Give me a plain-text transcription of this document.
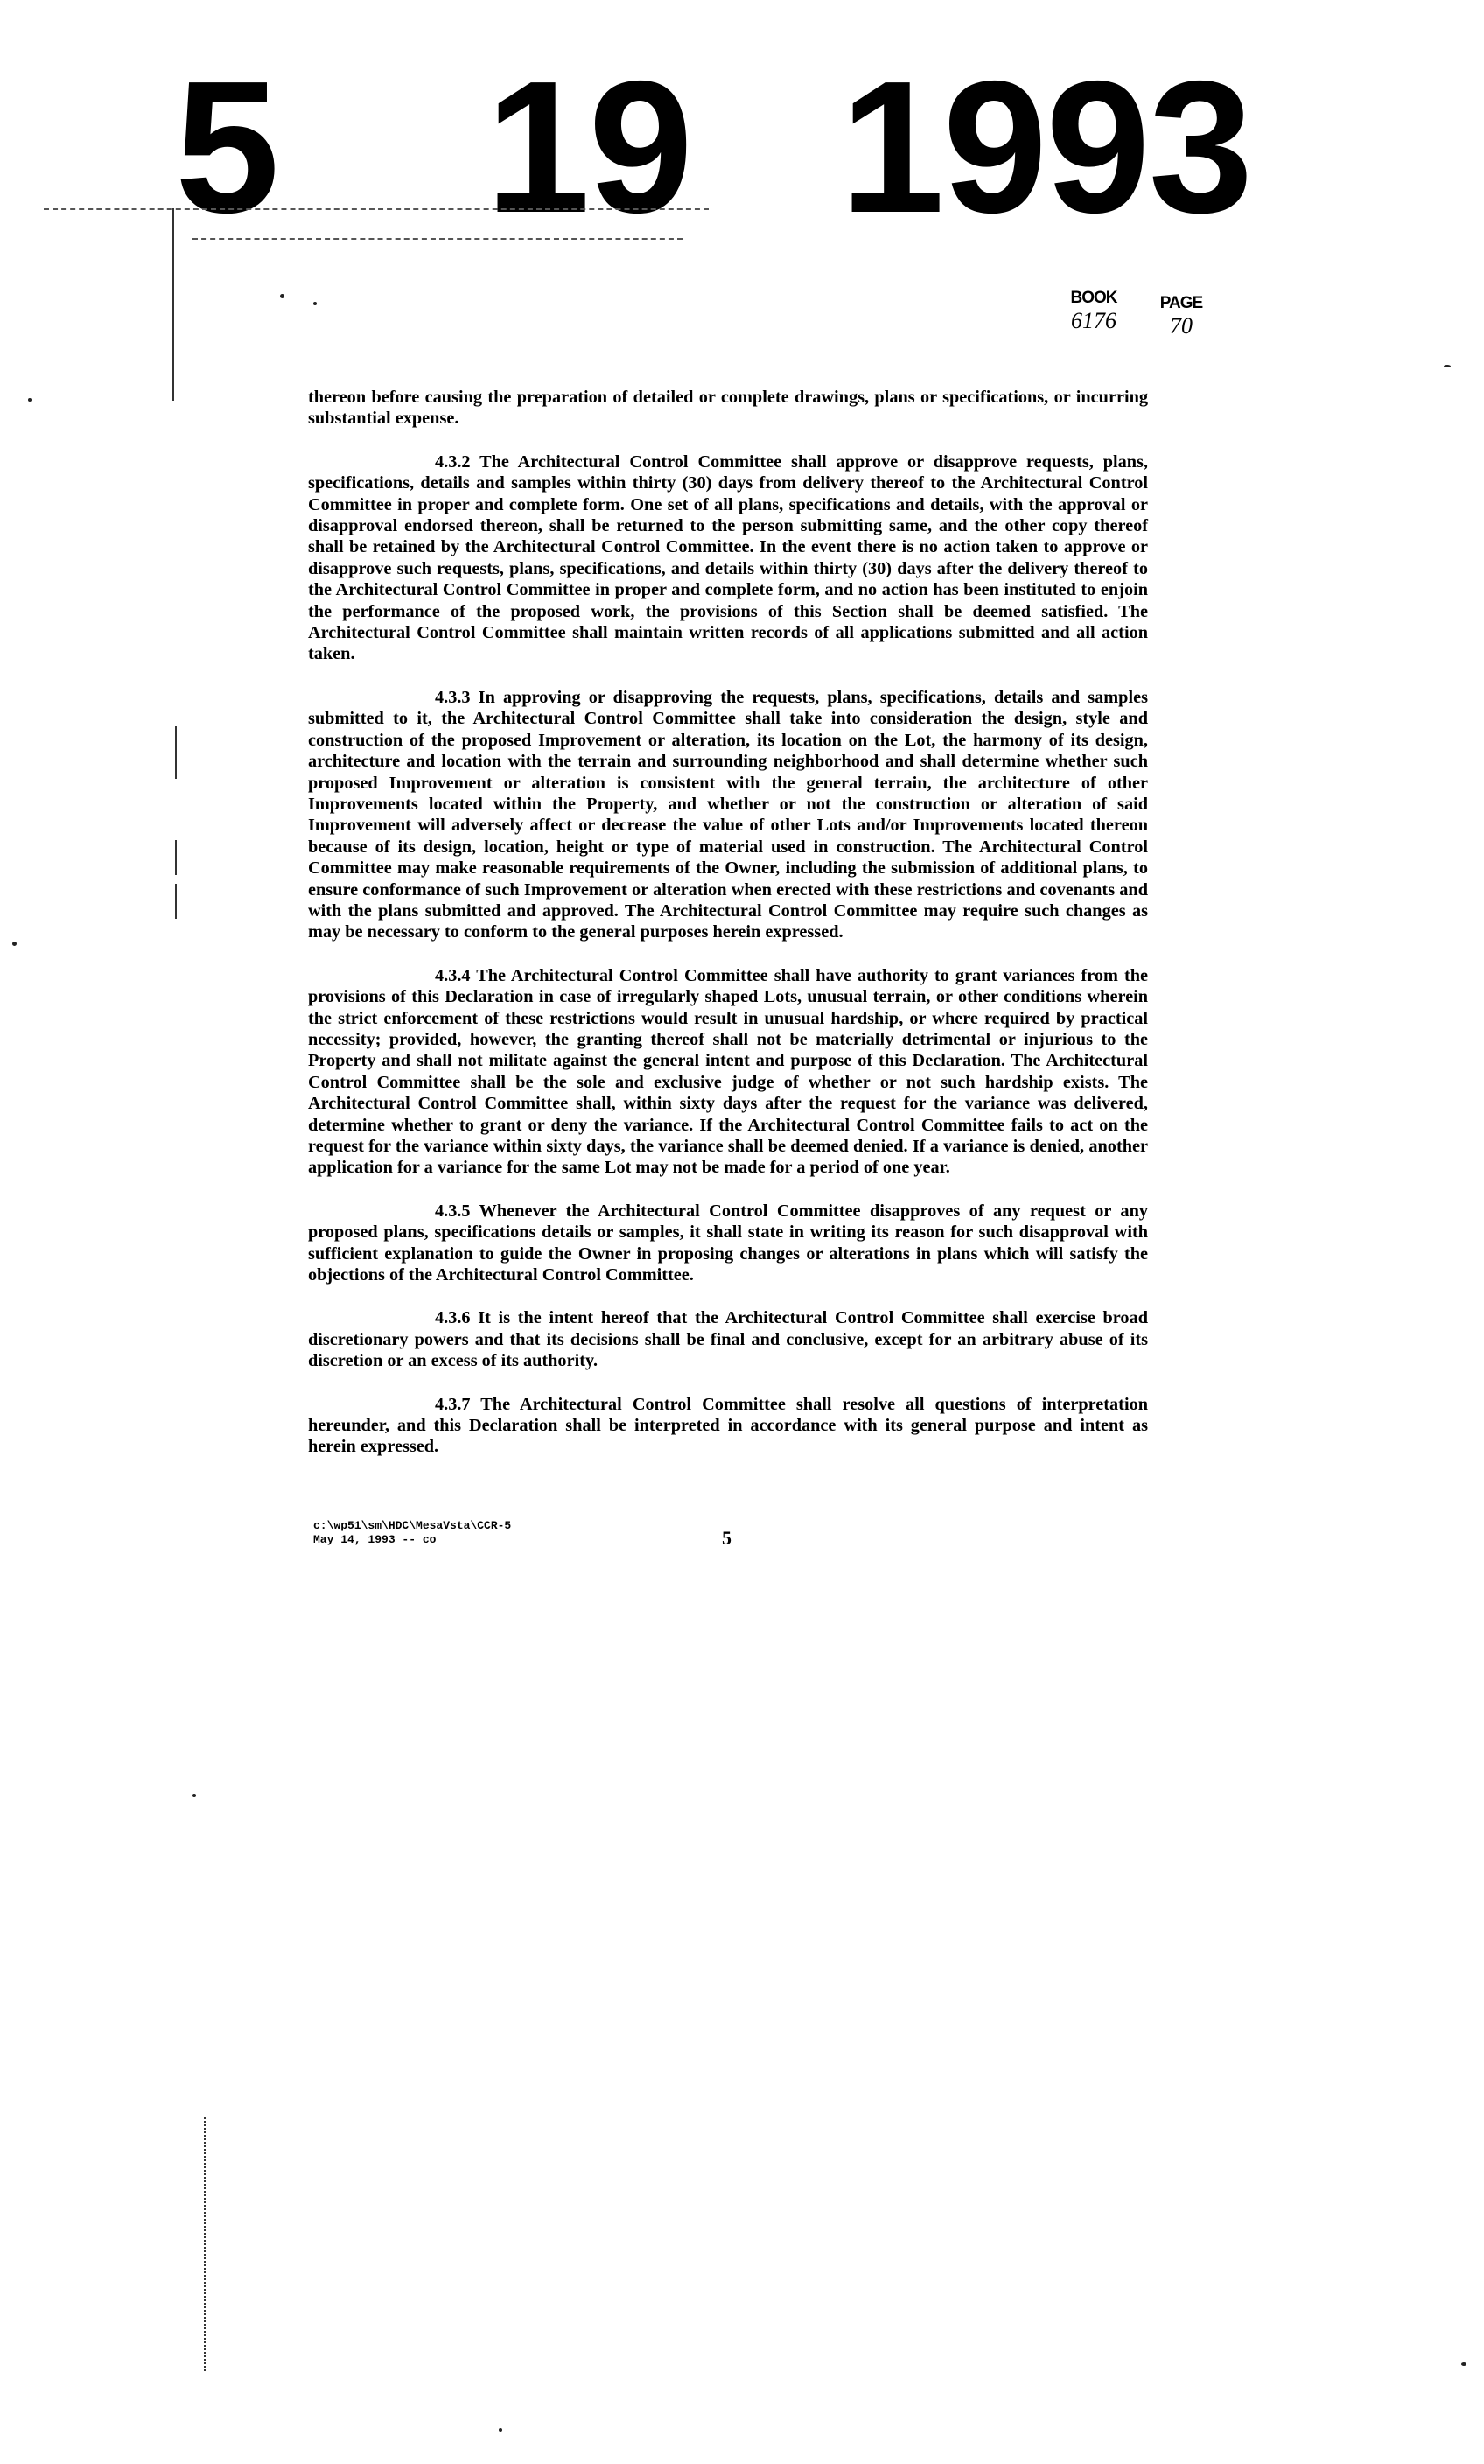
5 19 1993
BOOK
6176
PAGE
70

thereon before causing the preparation of detailed or complete drawings, plans or specifications, or incurring substantial expense.

4.3.2 The Architectural Control Committee shall approve or disapprove requests, plans, specifications, details and samples within thirty (30) days from delivery thereof to the Architectural Control Committee in proper and complete form. One set of all plans, specifications and details, with the approval or disapproval endorsed thereon, shall be returned to the person submitting same, and the other copy thereof shall be retained by the Architectural Control Committee. In the event there is no action taken to approve or disapprove such requests, plans, specifications, and details within thirty (30) days after the delivery thereof to the Architectural Control Committee in proper and complete form, and no action has been instituted to enjoin the performance of the proposed work, the provisions of this Section shall be deemed satisfied. The Architectural Control Committee shall maintain written records of all applications submitted and all action taken.

4.3.3 In approving or disapproving the requests, plans, specifications, details and samples submitted to it, the Architectural Control Committee shall take into consideration the design, style and construction of the proposed Improvement or alteration, its location on the Lot, the harmony of its design, architecture and location with the terrain and surrounding neighborhood and shall determine whether such proposed Improvement or alteration is consistent with the general terrain, the architecture of other Improvements located within the Property, and whether or not the construction or alteration of said Improvement will adversely affect or decrease the value of other Lots and/or Improvements located thereon because of its design, location, height or type of material used in construction. The Architectural Control Committee may make reasonable requirements of the Owner, including the submission of additional plans, to ensure conformance of such Improvement or alteration when erected with these restrictions and covenants and with the plans submitted and approved. The Architectural Control Committee may require such changes as may be necessary to conform to the general purposes herein expressed.

4.3.4 The Architectural Control Committee shall have authority to grant variances from the provisions of this Declaration in case of irregularly shaped Lots, unusual terrain, or other conditions wherein the strict enforcement of these restrictions would result in unusual hardship, or where required by practical necessity; provided, however, the granting thereof shall not be materially detrimental or injurious to the Property and shall not militate against the general intent and purpose of this Declaration. The Architectural Control Committee shall be the sole and exclusive judge of whether or not such hardship exists. The Architectural Control Committee shall, within sixty days after the request for the variance was delivered, determine whether to grant or deny the variance. If the Architectural Control Committee fails to act on the request for the variance within sixty days, the variance shall be deemed denied. If a variance is denied, another application for a variance for the same Lot may not be made for a period of one year.

4.3.5 Whenever the Architectural Control Committee disapproves of any request or any proposed plans, specifications details or samples, it shall state in writing its reason for such disapproval with sufficient explanation to guide the Owner in proposing changes or alterations in plans which will satisfy the objections of the Architectural Control Committee.

4.3.6 It is the intent hereof that the Architectural Control Committee shall exercise broad discretionary powers and that its decisions shall be final and conclusive, except for an arbitrary abuse of its discretion or an excess of its authority.

4.3.7 The Architectural Control Committee shall resolve all questions of interpretation hereunder, and this Declaration shall be interpreted in accordance with its general purpose and intent as herein expressed.

c:\wp51\sm\HDC\MesaVsta\CCR-5
May 14, 1993 -- co	5
